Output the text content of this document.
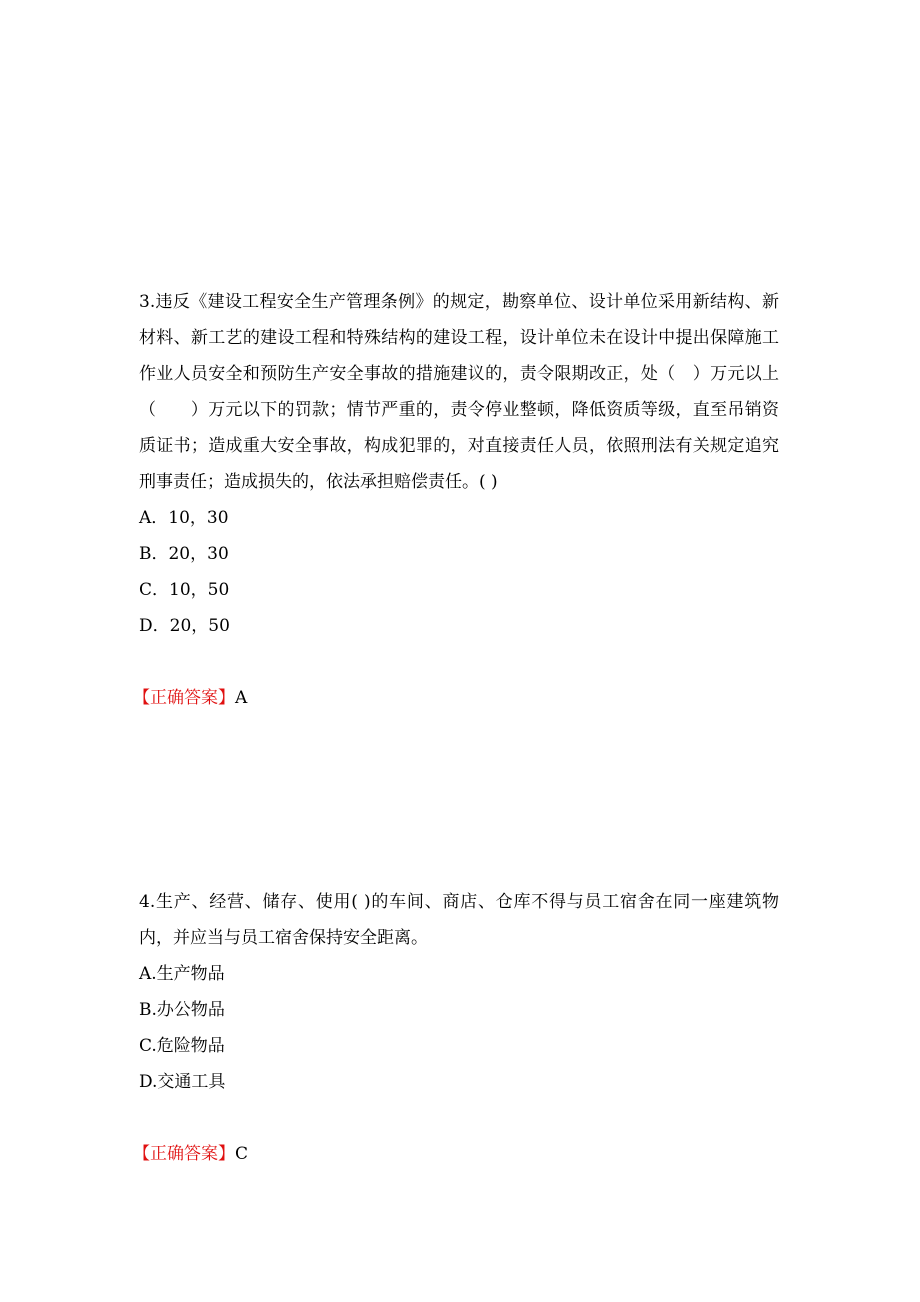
3.违反《建设工程安全生产管理条例》的规定，勘察单位、设计单位采用新结构、新材料、新工艺的建设工程和特殊结构的建设工程，设计单位未在设计中提出保障施工作业人员安全和预防生产安全事故的措施建议的，责令限期改正，处（　）万元以上（　　）万元以下的罚款；情节严重的，责令停业整顿，降低资质等级，直至吊销资质证书；造成重大安全事故，构成犯罪的，对直接责任人员，依照刑法有关规定追究刑事责任；造成损失的，依法承担赔偿责任。( )

A．10，30

B．20，30

C．10，50

D．20，50

【正确答案】A

4.生产、经营、储存、使用( )的车间、商店、仓库不得与员工宿舍在同一座建筑物内，并应当与员工宿舍保持安全距离。

A.生产物品

B.办公物品

C.危险物品

D.交通工具

【正确答案】C
